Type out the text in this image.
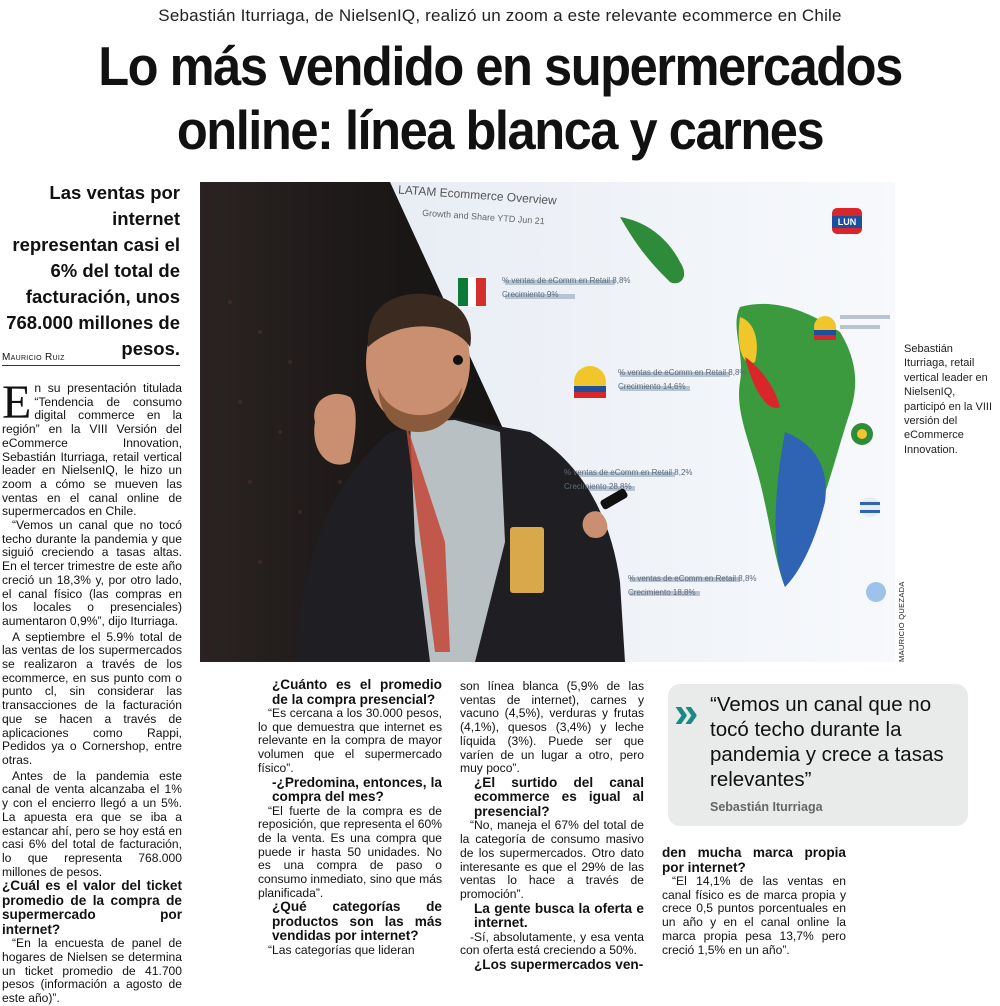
Sebastián Iturriaga, de NielsenIQ, realizó un zoom a este relevante ecommerce en Chile
Lo más vendido en supermercados
online: línea blanca y carnes
Las ventas por internet representan casi el 6% del total de facturación, unos 768.000 millones de pesos.
Mauricio Ruiz

En su presentación titulada “Tendencia de consumo digital commerce en la región” en la VIII Versión del eCommerce Innovation, Sebastián Iturriaga, retail vertical leader en NielsenIQ, le hizo un zoom a cómo se mueven las ventas en el canal online de supermercados en Chile.

“Vemos un canal que no tocó techo durante la pandemia y que siguió creciendo a tasas altas. En el tercer trimestre de este año creció un 18,3% y, por otro lado, el canal físico (las compras en los locales o presenciales) aumentaron 0,9%”, dijo Iturriaga.

A septiembre el 5.9% total de las ventas de los supermercados se realizaron a través de los ecommerce, en sus punto com o punto cl, sin considerar las transacciones de la facturación que se hacen a través de aplicaciones como Rappi, Pedidos ya o Cornershop, entre otras.

Antes de la pandemia este canal de venta alcanzaba el 1% y con el encierro llegó a un 5%. La apuesta era que se iba a estancar ahí, pero se hoy está en casi 6% del total de facturación, lo que representa 768.000 millones de pesos.

¿Cuál es el valor del ticket promedio de la compra de supermercado por internet?

“En la encuesta de panel de hogares de Nielsen se determina un ticket promedio de 41.700 pesos (información a agosto de este año)”.

LUN
LATAM Ecommerce Overview
Growth and Share YTD Jun 21
% ventas de eComm en Retail 8,8%
Crecimiento 9%
% ventas de eComm en Retail 8,8%
Crecimiento 14,6%
% ventas de eComm en Retail 8,2%
Crecimiento 28,8%
% ventas de eComm en Retail 8,8%
Crecimiento 18,8%	MAURICIO QUEZADA
Sebastián Iturriaga, retail vertical leader en NielsenIQ, participó en la VIII versión del eCommerce Innovation.

¿Cuánto es el promedio de la compra presencial?

“Es cercana a los 30.000 pesos, lo que demuestra que internet es relevante en la compra de mayor volumen que el supermercado físico”.

-¿Predomina, entonces, la compra del mes?

“El fuerte de la compra es de reposición, que representa el 60% de la venta. Es una compra que puede ir hasta 50 unidades. No es una compra de paso o consumo inmediato, sino que más planificada”.

¿Qué categorías de productos son las más vendidas por internet?

“Las categorías que lideran

son línea blanca (5,9% de las ventas de internet), carnes y vacuno (4,5%), verduras y frutas (4,1%), quesos (3,4%) y leche líquida (3%). Puede ser que varíen de un lugar a otro, pero muy poco”.

¿El surtido del canal ecommerce es igual al presencial?

“No, maneja el 67% del total de la categoría de consumo masivo de los supermercados. Otro dato interesante es que el 29% de las ventas lo hace a través de promoción”.

La gente busca la oferta e internet.

-Sí, absolutamente, y esa venta con oferta está creciendo a 50%.

¿Los supermercados ven-

» “Vemos un canal que no tocó techo durante la pandemia y crece a tasas relevantes”
Sebastián Iturriaga

den mucha marca propia por internet?

“El 14,1% de las ventas en canal físico es de marca propia y crece 0,5 puntos porcentuales en un año y en el canal online la marca propia pesa 13,7% pero creció 1,5% en un año”.
